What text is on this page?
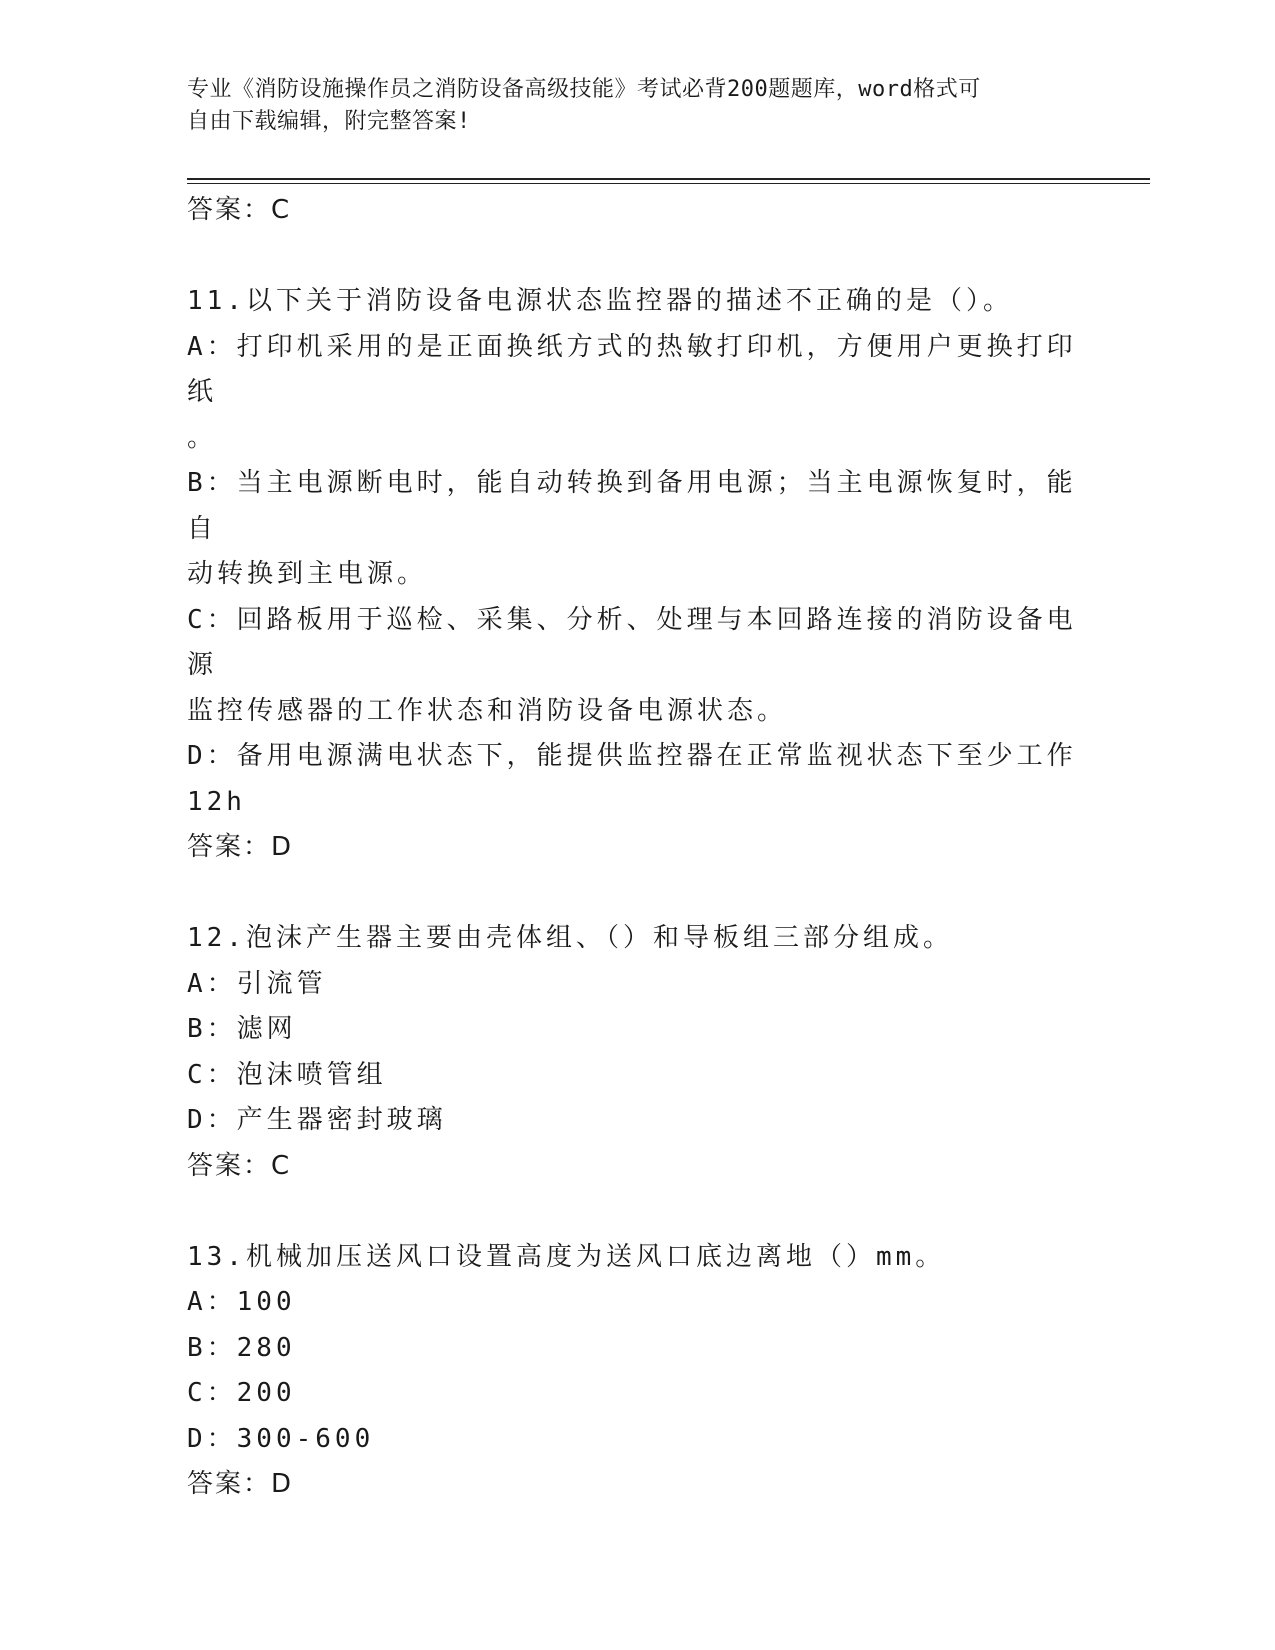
专业《消防设施操作员之消防设备高级技能》考试必背200题题库，word格式可
自由下载编辑，附完整答案!
答案：C
11.以下关于消防设备电源状态监控器的描述不正确的是（）。
A：打印机采用的是正面换纸方式的热敏打印机，方便用户更换打印纸
。
B：当主电源断电时，能自动转换到备用电源；当主电源恢复时，能自
动转换到主电源。
C：回路板用于巡检、采集、分析、处理与本回路连接的消防设备电源
监控传感器的工作状态和消防设备电源状态。
D：备用电源满电状态下，能提供监控器在正常监视状态下至少工作
12h
答案：D
12.泡沫产生器主要由壳体组、（）和导板组三部分组成。
A：引流管
B：滤网
C：泡沫喷管组
D：产生器密封玻璃
答案：C
13.机械加压送风口设置高度为送风口底边离地（）mm。
A：100
B：280
C：200
D：300-600
答案：D
